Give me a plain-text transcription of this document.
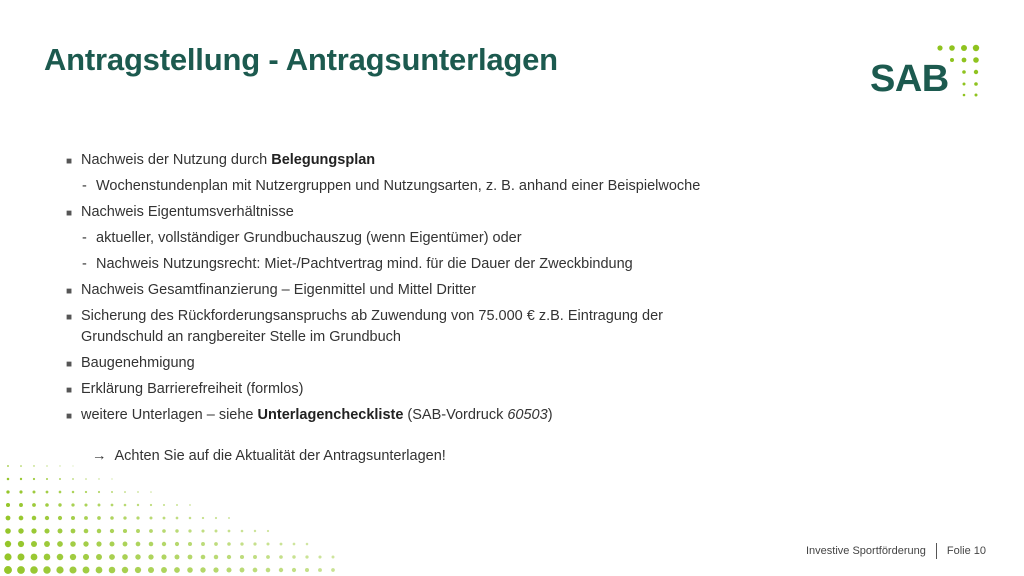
Antragstellung - Antragsunterlagen	SAB
■ Nachweis der Nutzung durch Belegungsplan
- Wochenstundenplan mit Nutzergruppen und Nutzungsarten, z. B. anhand einer Beispielwoche
■ Nachweis Eigentumsverhältnisse
- aktueller, vollständiger Grundbuchauszug (wenn Eigentümer) oder
- Nachweis Nutzungsrecht: Miet-/Pachtvertrag mind. für die Dauer der Zweckbindung
■ Nachweis Gesamtfinanzierung – Eigenmittel und Mittel Dritter
■ Sicherung des Rückforderungsanspruchs ab Zuwendung von 75.000 € z.B. Eintragung der Grundschuld an rangbereiter Stelle im Grundbuch
■ Baugenehmigung
■ Erklärung Barrierefreiheit (formlos)
■ weitere Unterlagen – siehe Unterlagencheckliste (SAB-Vordruck 60503)
→ Achten Sie auf die Aktualität der Antragsunterlagen!
Investive Sportförderung Folie 10
